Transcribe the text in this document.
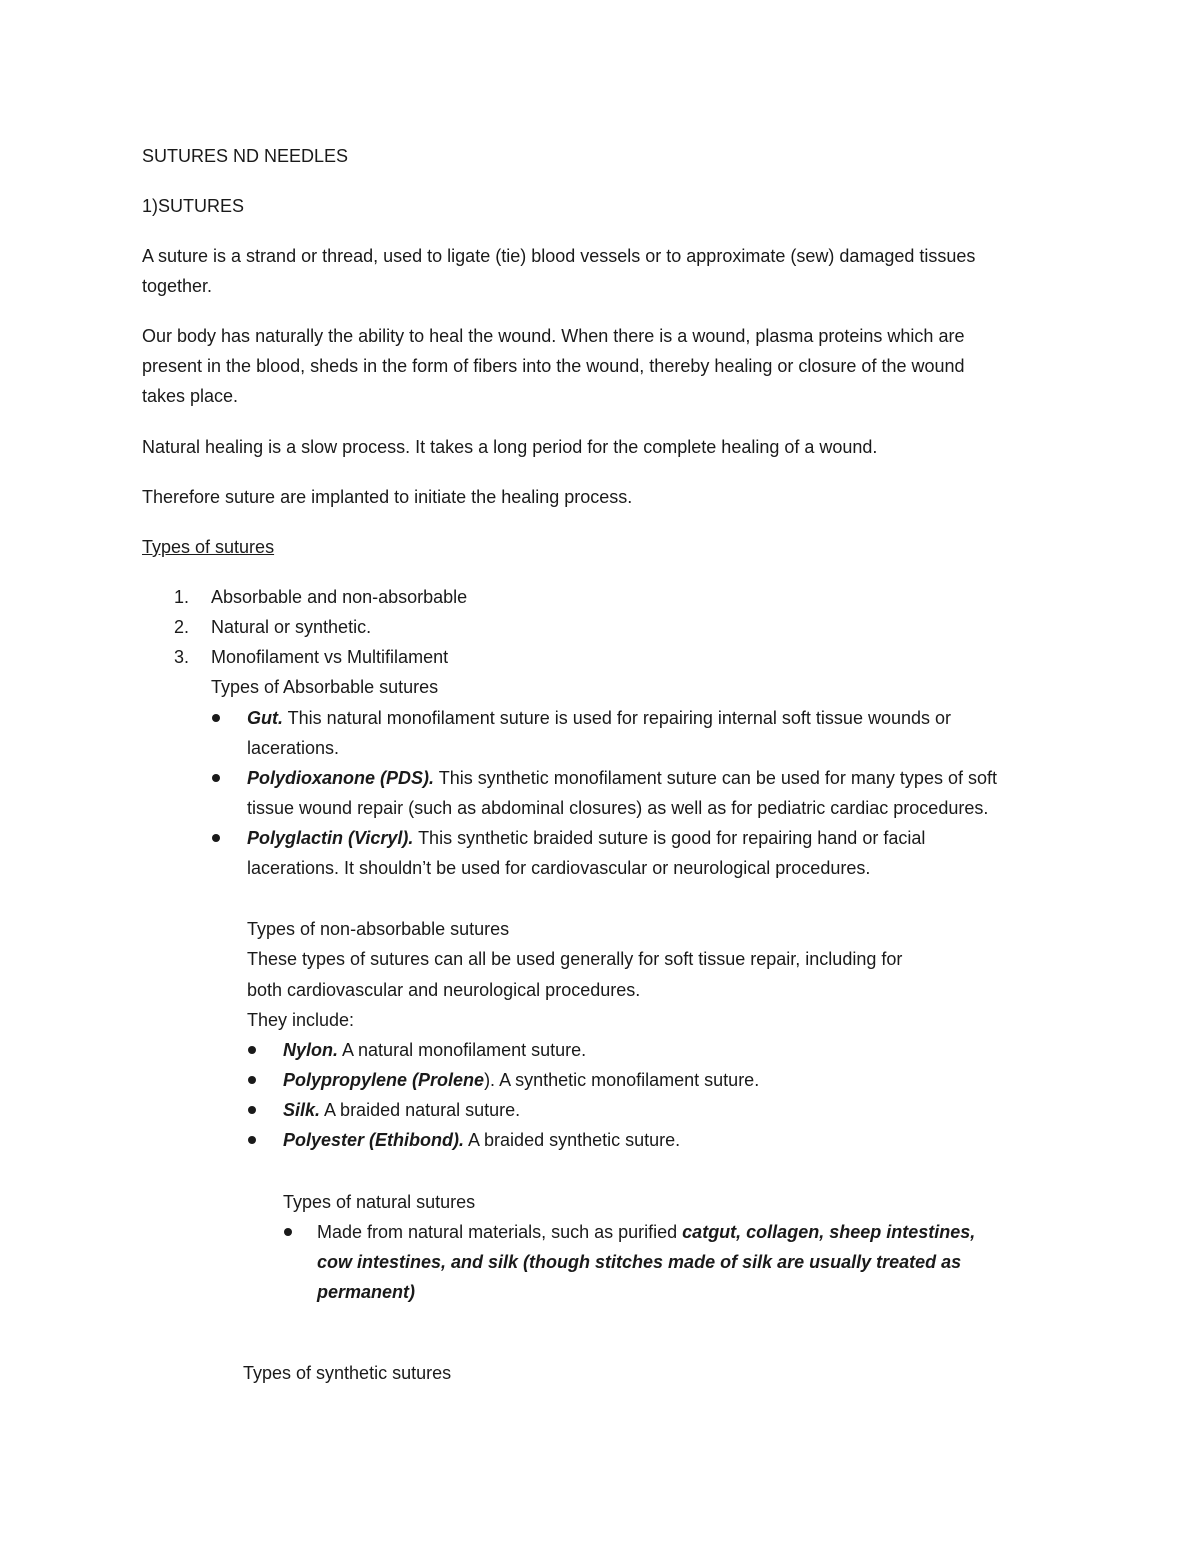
SUTURES ND NEEDLES
1)SUTURES
A suture is a strand or thread, used to ligate (tie) blood vessels or to approximate (sew) damaged tissues
together.
Our body has naturally the ability to heal the wound. When there is a wound, plasma proteins which are
present in the blood, sheds in the form of fibers into the wound, thereby healing or closure of the wound
takes place.
Natural healing is a slow process. It takes a long period for the complete healing of a wound.
Therefore suture are implanted to initiate the healing process.
Types of sutures
1. Absorbable and non-absorbable
2. Natural or synthetic.
3. Monofilament vs Multifilament
Types of Absorbable sutures
Gut. This natural monofilament suture is used for repairing internal soft tissue wounds or
lacerations.
Polydioxanone (PDS). This synthetic monofilament suture can be used for many types of soft
tissue wound repair (such as abdominal closures) as well as for pediatric cardiac procedures.
Polyglactin (Vicryl). This synthetic braided suture is good for repairing hand or facial
lacerations. It shouldn’t be used for cardiovascular or neurological procedures.
Types of non-absorbable sutures
These types of sutures can all be used generally for soft tissue repair, including for
both cardiovascular and neurological procedures.
They include:
Nylon. A natural monofilament suture.
Polypropylene (Prolene). A synthetic monofilament suture.
Silk. A braided natural suture.
Polyester (Ethibond). A braided synthetic suture.
Types of natural sutures
Made from natural materials, such as purified catgut, collagen, sheep intestines,
cow intestines, and silk (though stitches made of silk are usually treated as
permanent)
Types of synthetic sutures
